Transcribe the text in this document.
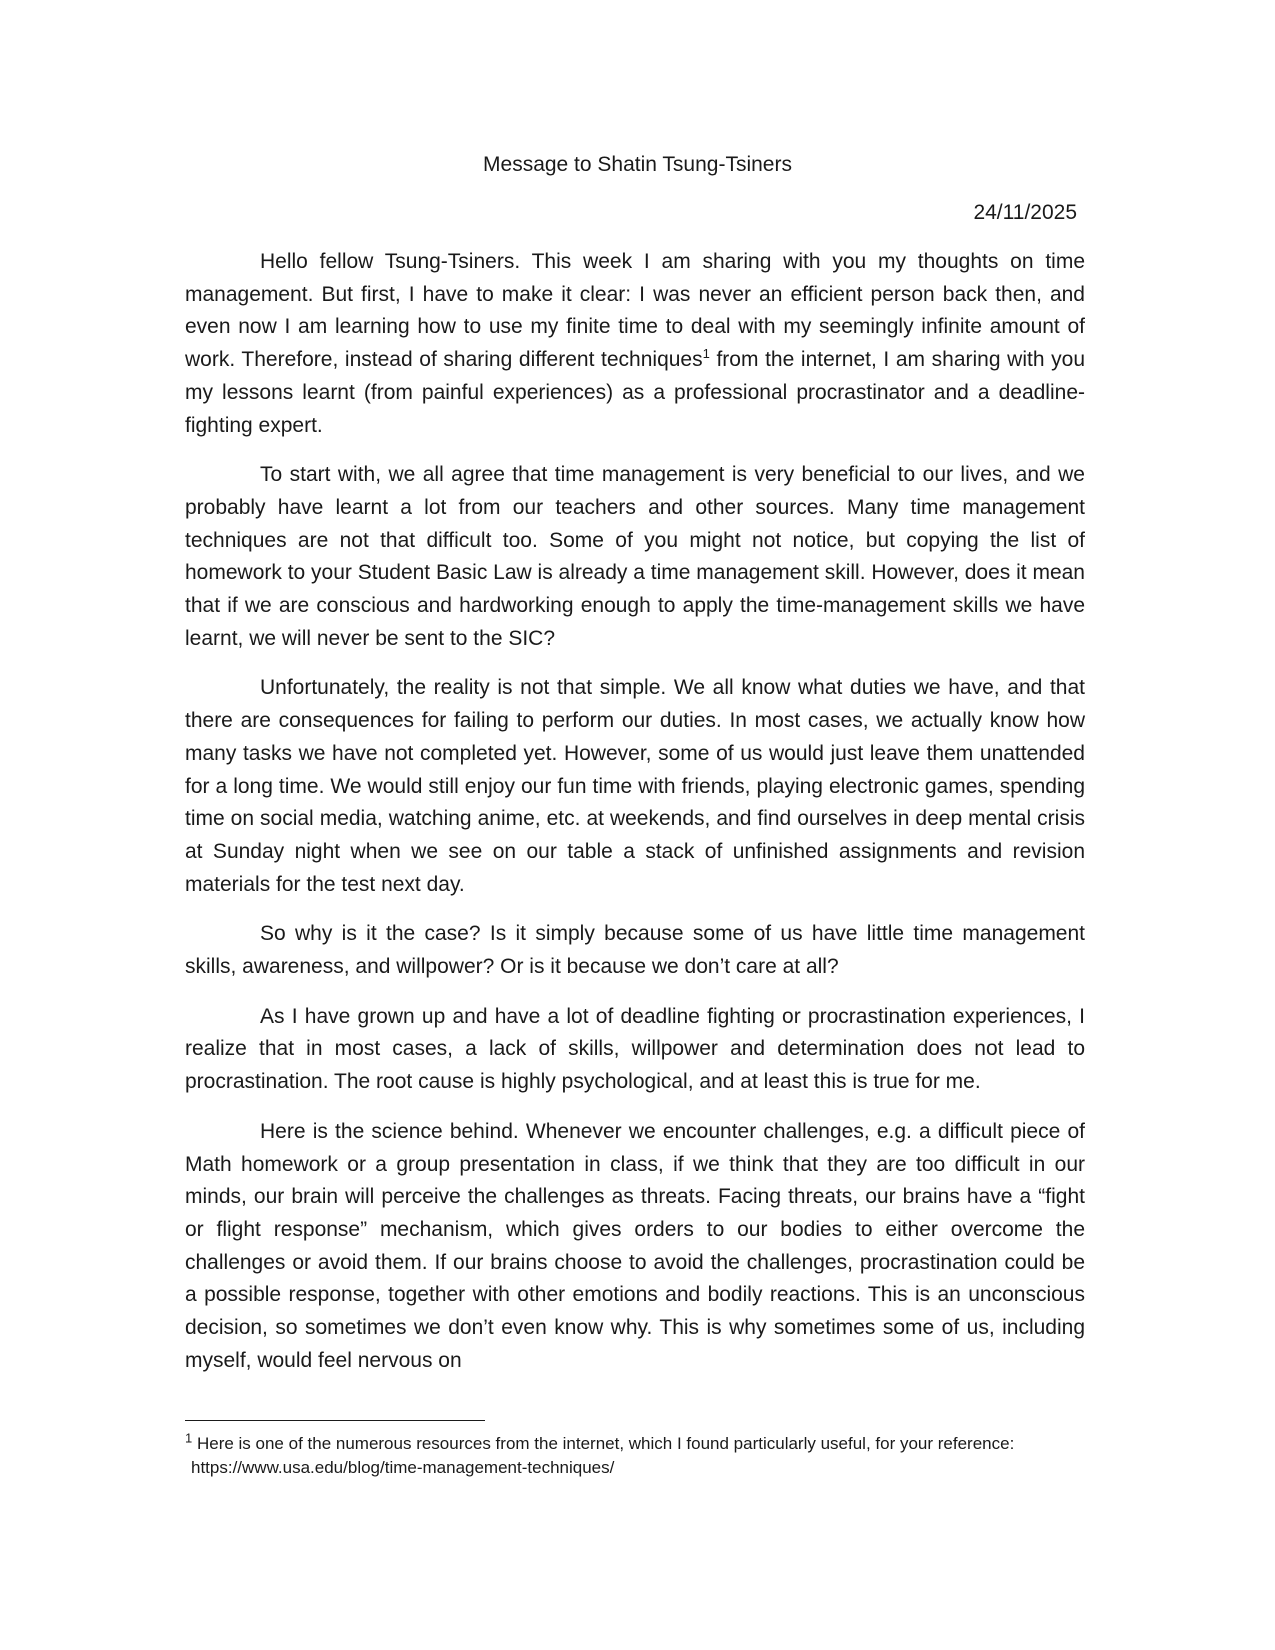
Message to Shatin Tsung-Tsiners
24/11/2025

Hello fellow Tsung-Tsiners. This week I am sharing with you my thoughts on time management. But first, I have to make it clear: I was never an efficient person back then, and even now I am learning how to use my finite time to deal with my seemingly infinite amount of work. Therefore, instead of sharing different techniques$^1$ from the internet, I am sharing with you my lessons learnt (from painful experiences) as a professional procrastinator and a deadline-fighting expert.

To start with, we all agree that time management is very beneficial to our lives, and we probably have learnt a lot from our teachers and other sources. Many time management techniques are not that difficult too. Some of you might not notice, but copying the list of homework to your Student Basic Law is already a time management skill. However, does it mean that if we are conscious and hardworking enough to apply the time-management skills we have learnt, we will never be sent to the SIC?

Unfortunately, the reality is not that simple. We all know what duties we have, and that there are consequences for failing to perform our duties. In most cases, we actually know how many tasks we have not completed yet. However, some of us would just leave them unattended for a long time. We would still enjoy our fun time with friends, playing electronic games, spending time on social media, watching anime, etc. at weekends, and find ourselves in deep mental crisis at Sunday night when we see on our table a stack of unfinished assignments and revision materials for the test next day.

So why is it the case? Is it simply because some of us have little time management skills, awareness, and willpower? Or is it because we don’t care at all?

As I have grown up and have a lot of deadline fighting or procrastination experiences, I realize that in most cases, a lack of skills, willpower and determination does not lead to procrastination. The root cause is highly psychological, and at least this is true for me.

Here is the science behind. Whenever we encounter challenges, e.g. a difficult piece of Math homework or a group presentation in class, if we think that they are too difficult in our minds, our brain will perceive the challenges as threats. Facing threats, our brains have a “fight or flight response” mechanism, which gives orders to our bodies to either overcome the challenges or avoid them. If our brains choose to avoid the challenges, procrastination could be a possible response, together with other emotions and bodily reactions. This is an unconscious decision, so sometimes we don’t even know why. This is why sometimes some of us, including myself, would feel nervous on

$^1$ Here is one of the numerous resources from the internet, which I found particularly useful, for your reference: https://www.usa.edu/blog/time-management-techniques/
